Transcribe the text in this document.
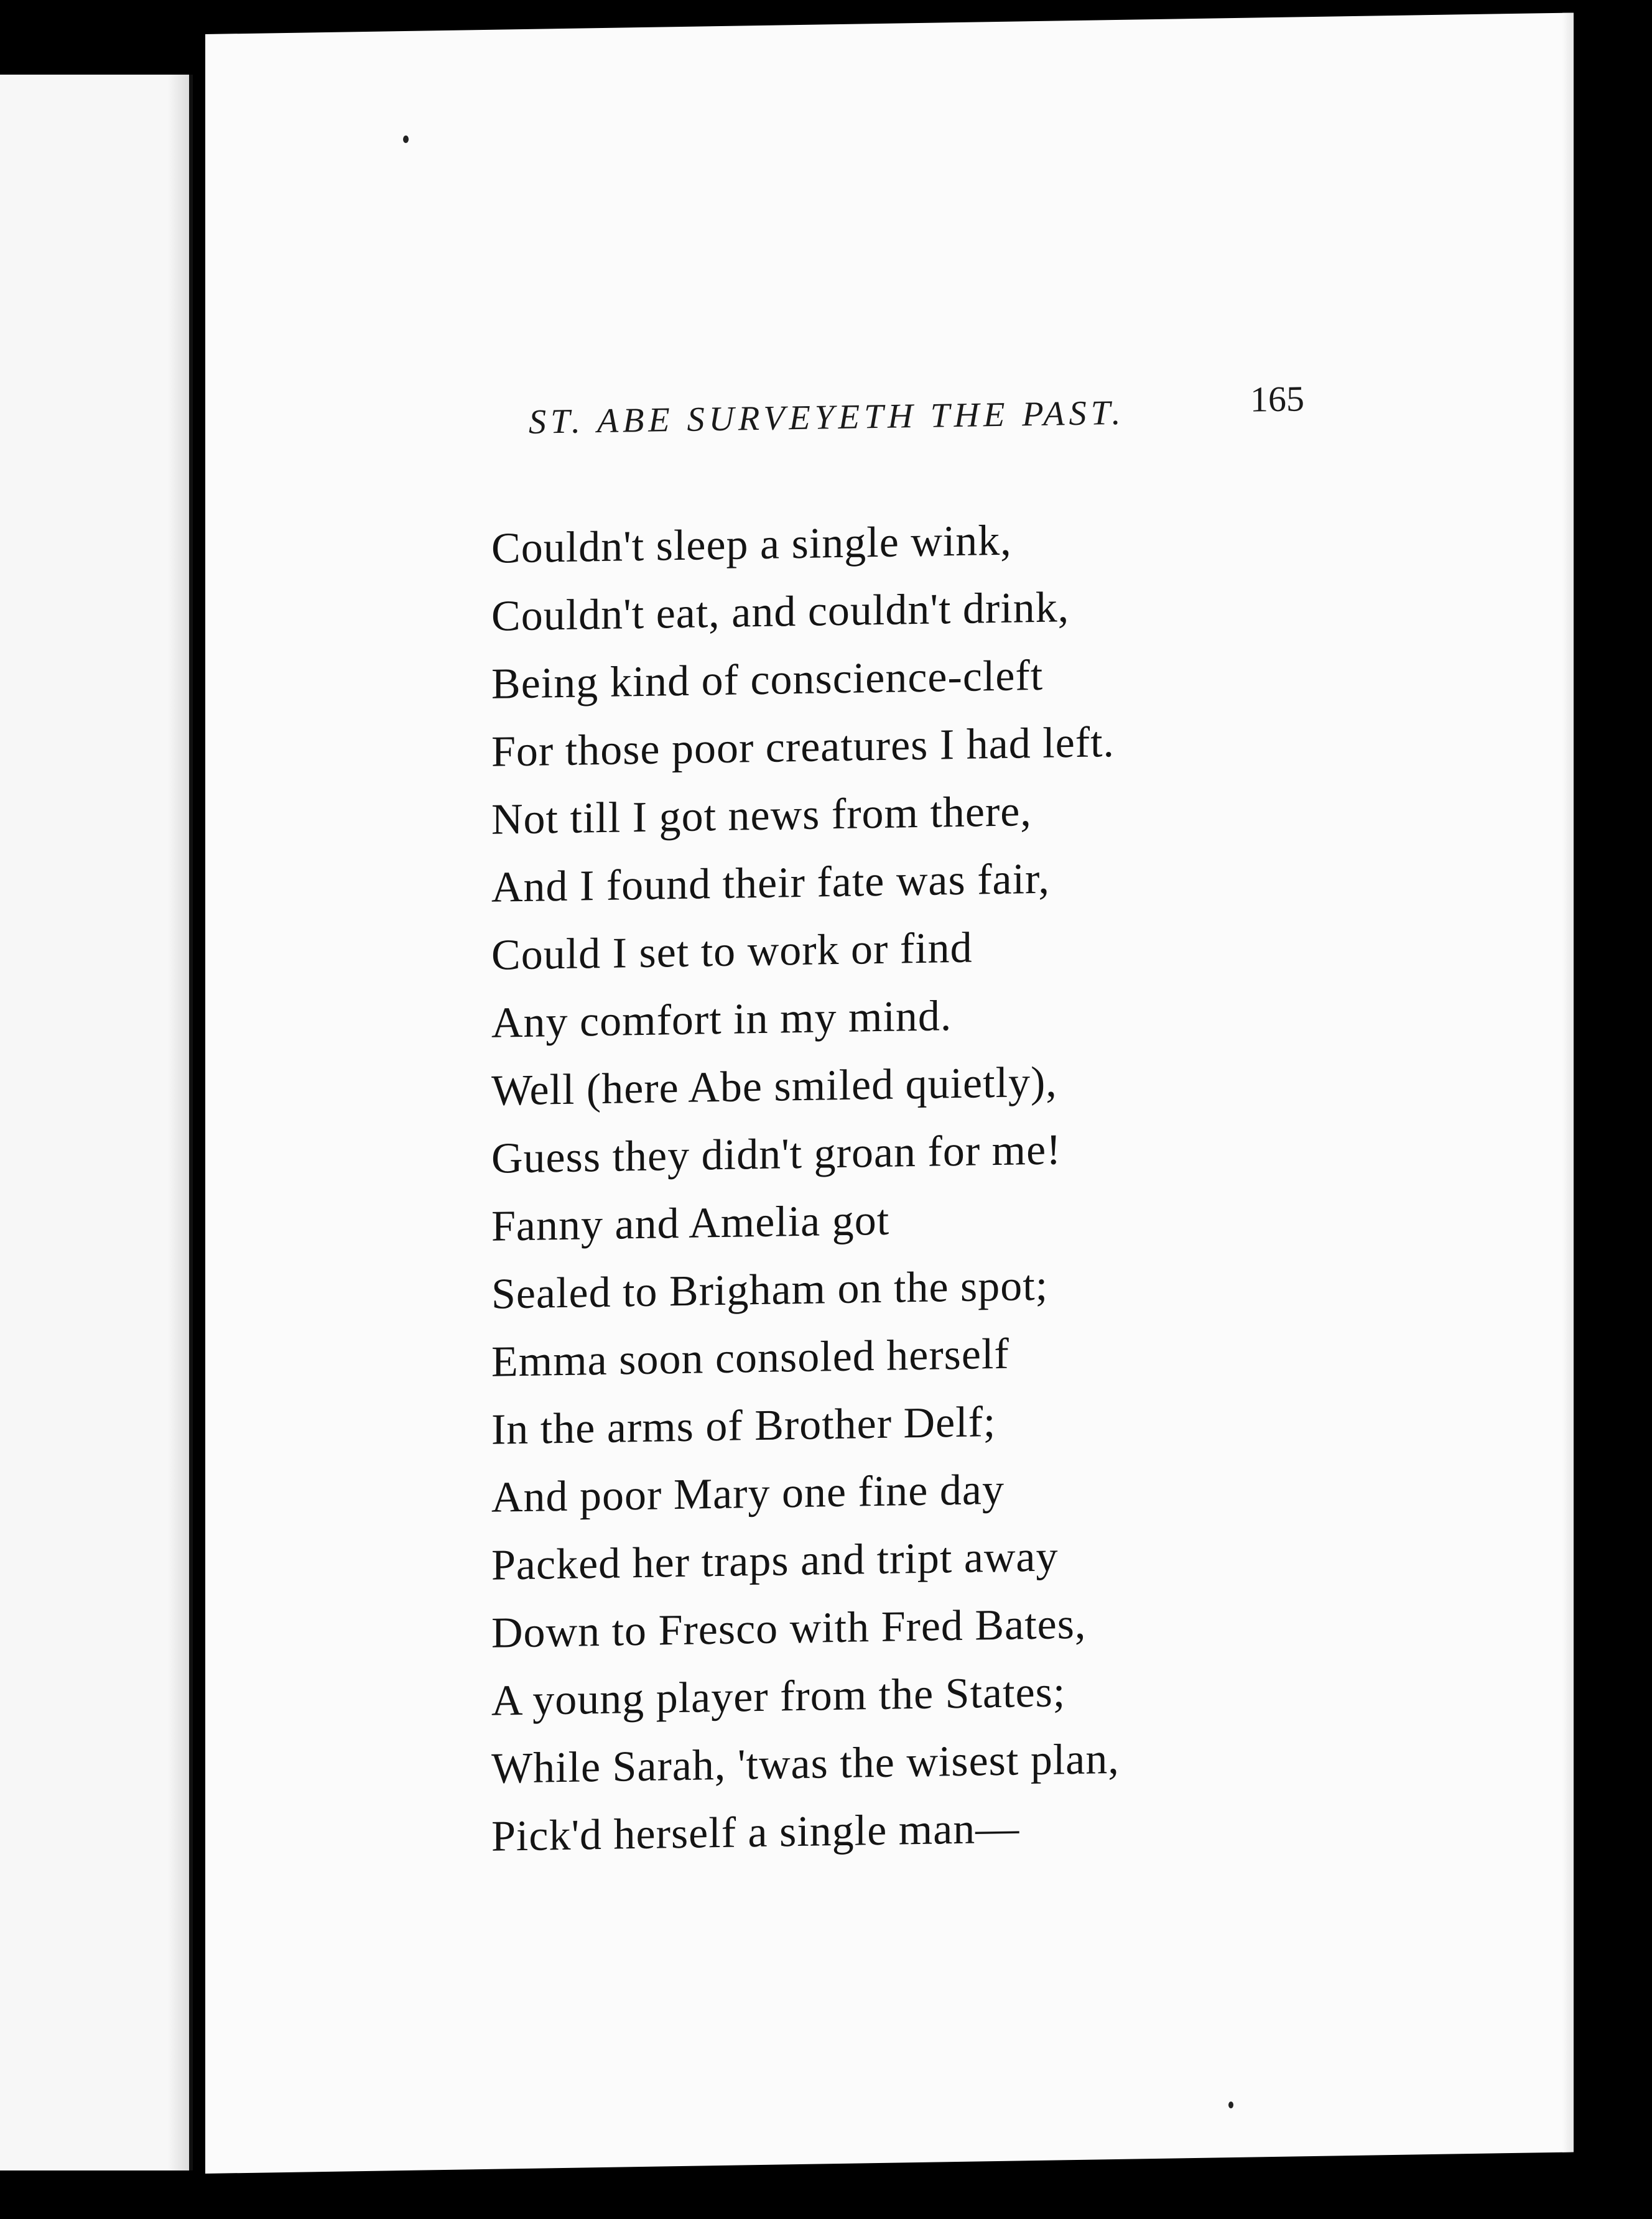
ST. ABE SURVEYETH THE PAST.	165
Couldn't sleep a single wink,
Couldn't eat, and couldn't drink,
Being kind of conscience-cleft
For those poor creatures I had left.
Not till I got news from there,
And I found their fate was fair,
Could I set to work or find
Any comfort in my mind.
Well (here Abe smiled quietly),
Guess they didn't groan for me!
Fanny and Amelia got
Sealed to Brigham on the spot;
Emma soon consoled herself
In the arms of Brother Delf;
And poor Mary one fine day
Packed her traps and tript away
Down to Fresco with Fred Bates,
A young player from the States;
While Sarah, 'twas the wisest plan,
Pick'd herself a single man—
